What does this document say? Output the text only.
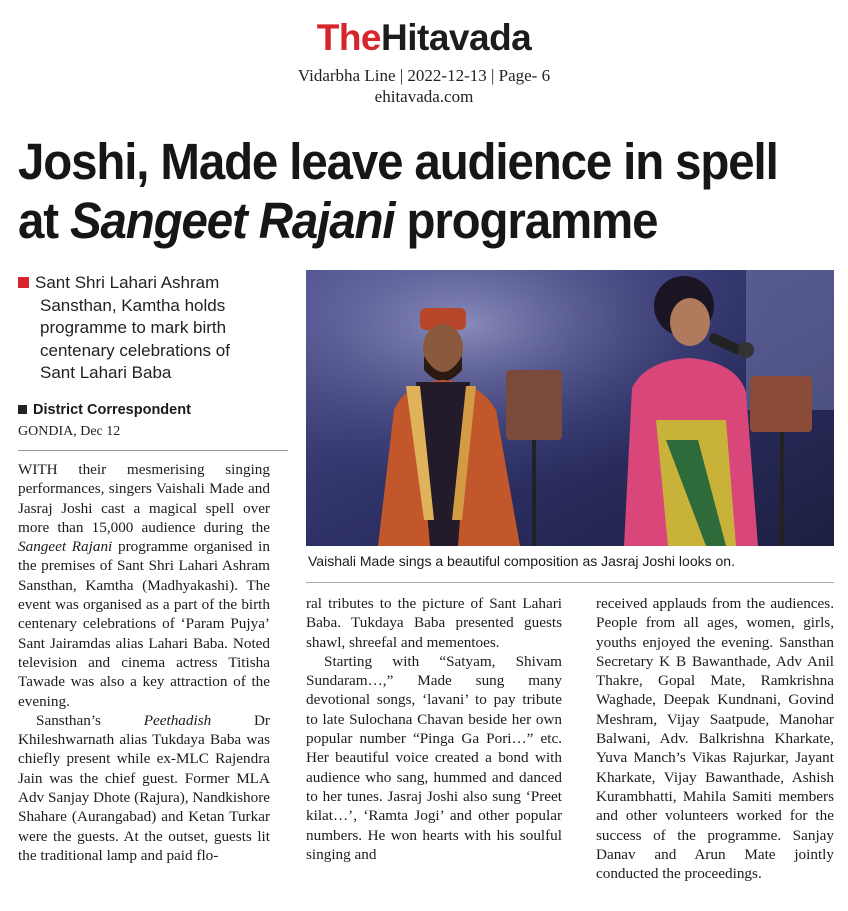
TheHitavada
Vidarbha Line | 2022-12-13 | Page- 6
ehitavada.com
Joshi, Made leave audience in spell
at Sangeet Rajani programme
Sant Shri Lahari Ashram
Sansthan, Kamtha holds
programme to mark birth
centenary celebrations of
Sant Lahari Baba
District Correspondent
GONDIA, Dec 12
Vaishali Made sings a beautiful composition as Jasraj Joshi looks on.

WITH their mesmerising singing performances, singers Vaishali Made and Jasraj Joshi cast a magical spell over more than 15,000 audience during the Sangeet Rajani programme organised in the premises of Sant Shri Lahari Ashram Sansthan, Kamtha (Madhyakashi). The event was organised as a part of the birth centenary celebrations of ‘Param Pujya’ Sant Jairamdas alias Lahari Baba. Noted television and cinema actress Titisha Tawade was also a key attraction of the evening.

Sansthan’s Peethadish Dr Khileshwarnath alias Tukdaya Baba was chiefly present while ex-MLC Rajendra Jain was the chief guest. Former MLA Adv Sanjay Dhote (Rajura), Nandkishore Shahare (Aurangabad) and Ketan Turkar were the guests. At the outset, guests lit the traditional lamp and paid flo-

ral tributes to the picture of Sant Lahari Baba. Tukdaya Baba presented guests shawl, shreefal and mementoes.

Starting with “Satyam, Shivam Sundaram…,” Made sung many devotional songs, ‘lavani’ to pay tribute to late Sulochana Chavan beside her own popular number “Pinga Ga Pori…” etc. Her beautiful voice created a bond with audience who sang, hummed and danced to her tunes. Jasraj Joshi also sung ‘Preet kilat…’, ‘Ramta Jogi’ and other popular numbers. He won hearts with his soulful singing and

received applauds from the audiences. People from all ages, women, girls, youths enjoyed the evening. Sansthan Secretary K B Bawanthade, Adv Anil Thakre, Gopal Mate, Ramkrishna Waghade, Deepak Kundnani, Govind Meshram, Vijay Saatpude, Manohar Balwani, Adv. Balkrishna Kharkate, Yuva Manch’s Vikas Rajurkar, Jayant Kharkate, Vijay Bawanthade, Ashish Kurambhatti, Mahila Samiti members and other volunteers worked for the success of the programme. Sanjay Danav and Arun Mate jointly conducted the proceedings.
